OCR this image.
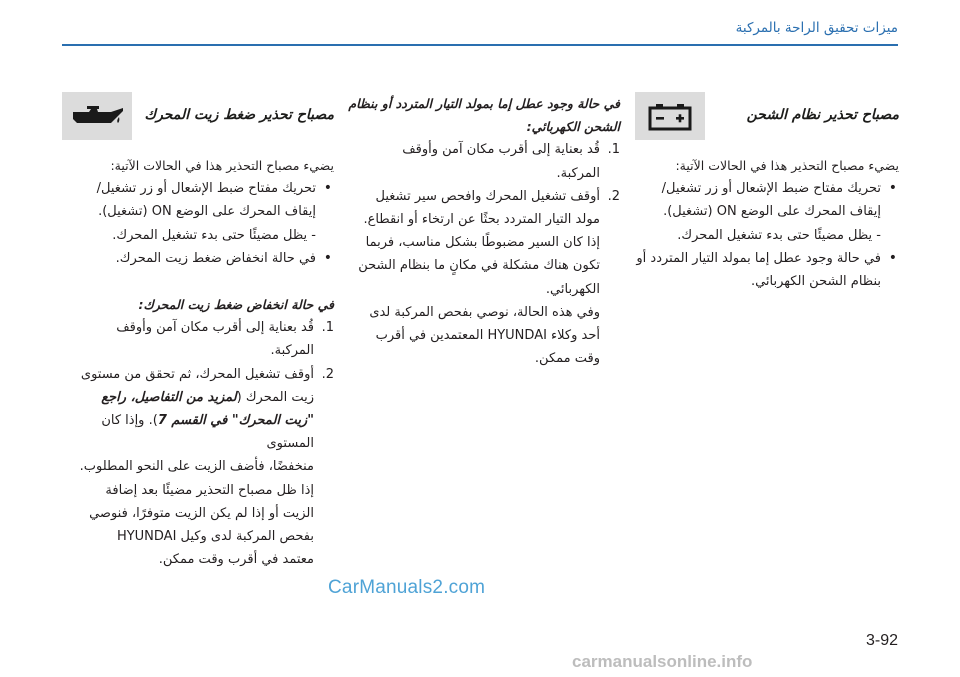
ميزات تحقيق الراحة بالمركبة
مصباح تحذير نظام الشحن
يضيء مصباح التحذير هذا في الحالات الآتية:
• تحريك مفتاح ضبط الإشعال أو زر تشغيل/
إيقاف المحرك على الوضع ON (تشغيل).
- يظل مضيئًا حتى بدء تشغيل المحرك.
• في حالة وجود عطل إما بمولد التيار المتردد أو
بنظام الشحن الكهربائي.
في حالة وجود عطل إما بمولد التيار المتردد أو بنظام
الشحن الكهربائي:
1.
قُد بعناية إلى أقرب مكان آمن وأوقف
المركبة.
2.
أوقف تشغيل المحرك وافحص سير تشغيل
مولد التيار المتردد بحثًا عن ارتخاء أو انقطاع.
إذا كان السير مضبوطًا بشكل مناسب، فربما
تكون هناك مشكلة في مكانٍ ما بنظام الشحن
الكهربائي.
وفي هذه الحالة، نوصي بفحص المركبة لدى
أحد وكلاء HYUNDAI المعتمدين في أقرب
وقت ممكن.
مصباح تحذير ضغط زيت المحرك
يضيء مصباح التحذير هذا في الحالات الآتية:
• تحريك مفتاح ضبط الإشعال أو زر تشغيل/
إيقاف المحرك على الوضع ON (تشغيل).
- يظل مضيئًا حتى بدء تشغيل المحرك.
• في حالة انخفاض ضغط زيت المحرك.
في حالة انخفاض ضغط زيت المحرك:
1.
قُد بعناية إلى أقرب مكان آمن وأوقف
المركبة.
2.
أوقف تشغيل المحرك، ثم تحقق من مستوى
زيت المحرك (لمزيد من التفاصيل، راجع
"زيت المحرك" في القسم 7). وإذا كان المستوى
منخفضًا، فأضف الزيت على النحو المطلوب.
إذا ظل مصباح التحذير مضيئًا بعد إضافة
الزيت أو إذا لم يكن الزيت متوفرًا، فنوصي
بفحص المركبة لدى وكيل HYUNDAI
معتمد في أقرب وقت ممكن.
CarManuals2.com
3-92
carmanualsonline.info
